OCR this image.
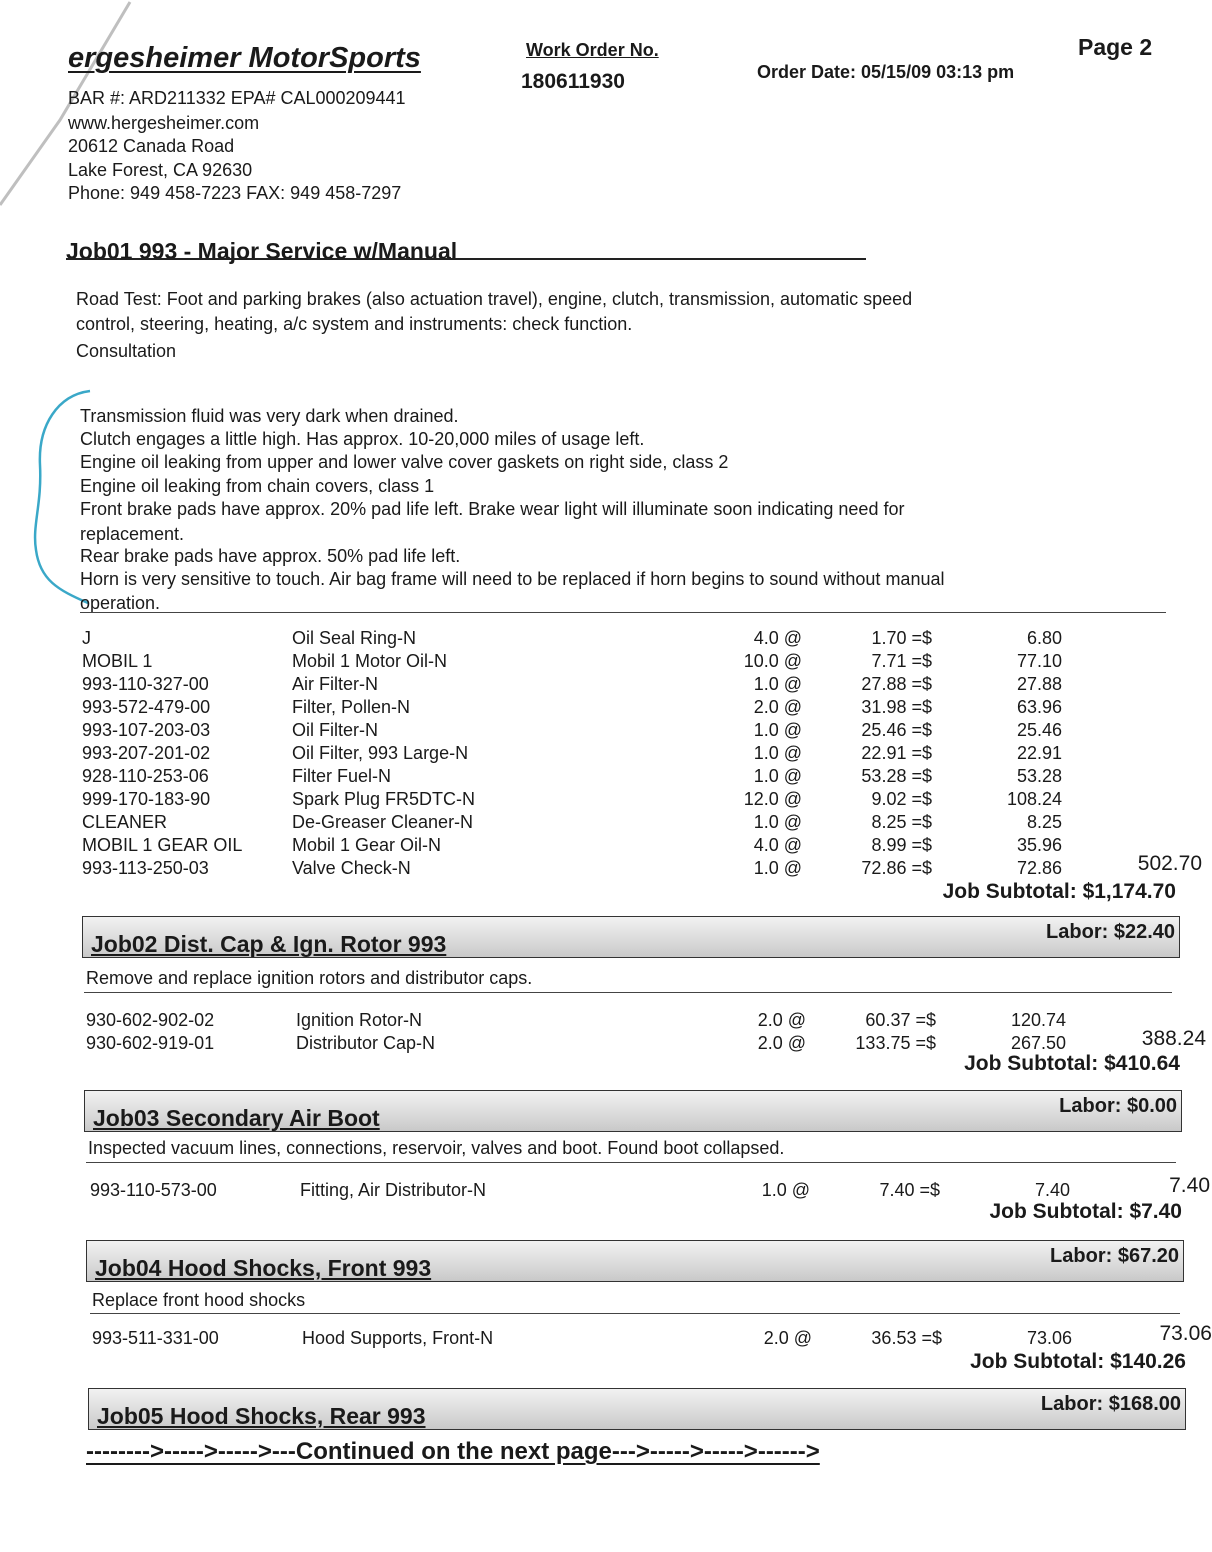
ergesheimer MotorSports
BAR #: ARD211332 EPA# CAL000209441
www.hergesheimer.com
20612 Canada Road
Lake Forest, CA 92630
Phone: 949 458-7223 FAX: 949 458-7297
Work Order No.
180611930	Order Date: 05/15/09 03:13 pm
Page 2
Job01 993 - Major Service w/Manual
Road Test: Foot and parking brakes (also actuation travel), engine, clutch, transmission, automatic speed
control, steering, heating, a/c system and instruments: check function.
Consultation
Transmission fluid was very dark when drained.
Clutch engages a little high. Has approx. 10-20,000 miles of usage left.
Engine oil leaking from upper and lower valve cover gaskets on right side, class 2
Engine oil leaking from chain covers, class 1
Front brake pads have approx. 20% pad life left. Brake wear light will illuminate soon indicating need for
replacement.
Rear brake pads have approx. 50% pad life left.
Horn is very sensitive to touch. Air bag frame will need to be replaced if horn begins to sound without manual
operation.
J	Oil Seal Ring-N	4.0 @	1.70 =$	6.80
MOBIL 1	Mobil 1 Motor Oil-N	10.0 @	7.71 =$	77.10
993-110-327-00	Air Filter-N	1.0 @	27.88 =$	27.88
993-572-479-00	Filter, Pollen-N	2.0 @	31.98 =$	63.96
993-107-203-03	Oil Filter-N	1.0 @	25.46 =$	25.46
993-207-201-02	Oil Filter, 993 Large-N	1.0 @	22.91 =$	22.91
928-110-253-06	Filter Fuel-N	1.0 @	53.28 =$	53.28
999-170-183-90	Spark Plug FR5DTC-N	12.0 @	9.02 =$	108.24
CLEANER	De-Greaser Cleaner-N	1.0 @	8.25 =$	8.25
MOBIL 1 GEAR OIL	Mobil 1 Gear Oil-N	4.0 @	8.99 =$	35.96
993-113-250-03	Valve Check-N	1.0 @	72.86 =$	72.86	502.70
Job Subtotal: $1,174.70
Job02 Dist. Cap & Ign. Rotor 993	Labor: $22.40
Remove and replace ignition rotors and distributor caps.
930-602-902-02	Ignition Rotor-N	2.0 @	60.37 =$	120.74
930-602-919-01	Distributor Cap-N	2.0 @	133.75 =$	267.50	388.24
Job Subtotal: $410.64
Job03 Secondary Air Boot	Labor: $0.00
Inspected vacuum lines, connections, reservoir, valves and boot. Found boot collapsed.
993-110-573-00	Fitting, Air Distributor-N	1.0 @	7.40 =$	7.40	7.40
Job Subtotal: $7.40
Job04 Hood Shocks, Front 993	Labor: $67.20
Replace front hood shocks
993-511-331-00	Hood Supports, Front-N	2.0 @	36.53 =$	73.06	73.06
Job Subtotal: $140.26
Job05 Hood Shocks, Rear 993	Labor: $168.00
-------->----->----->---Continued on the next page--->----->----->------>
